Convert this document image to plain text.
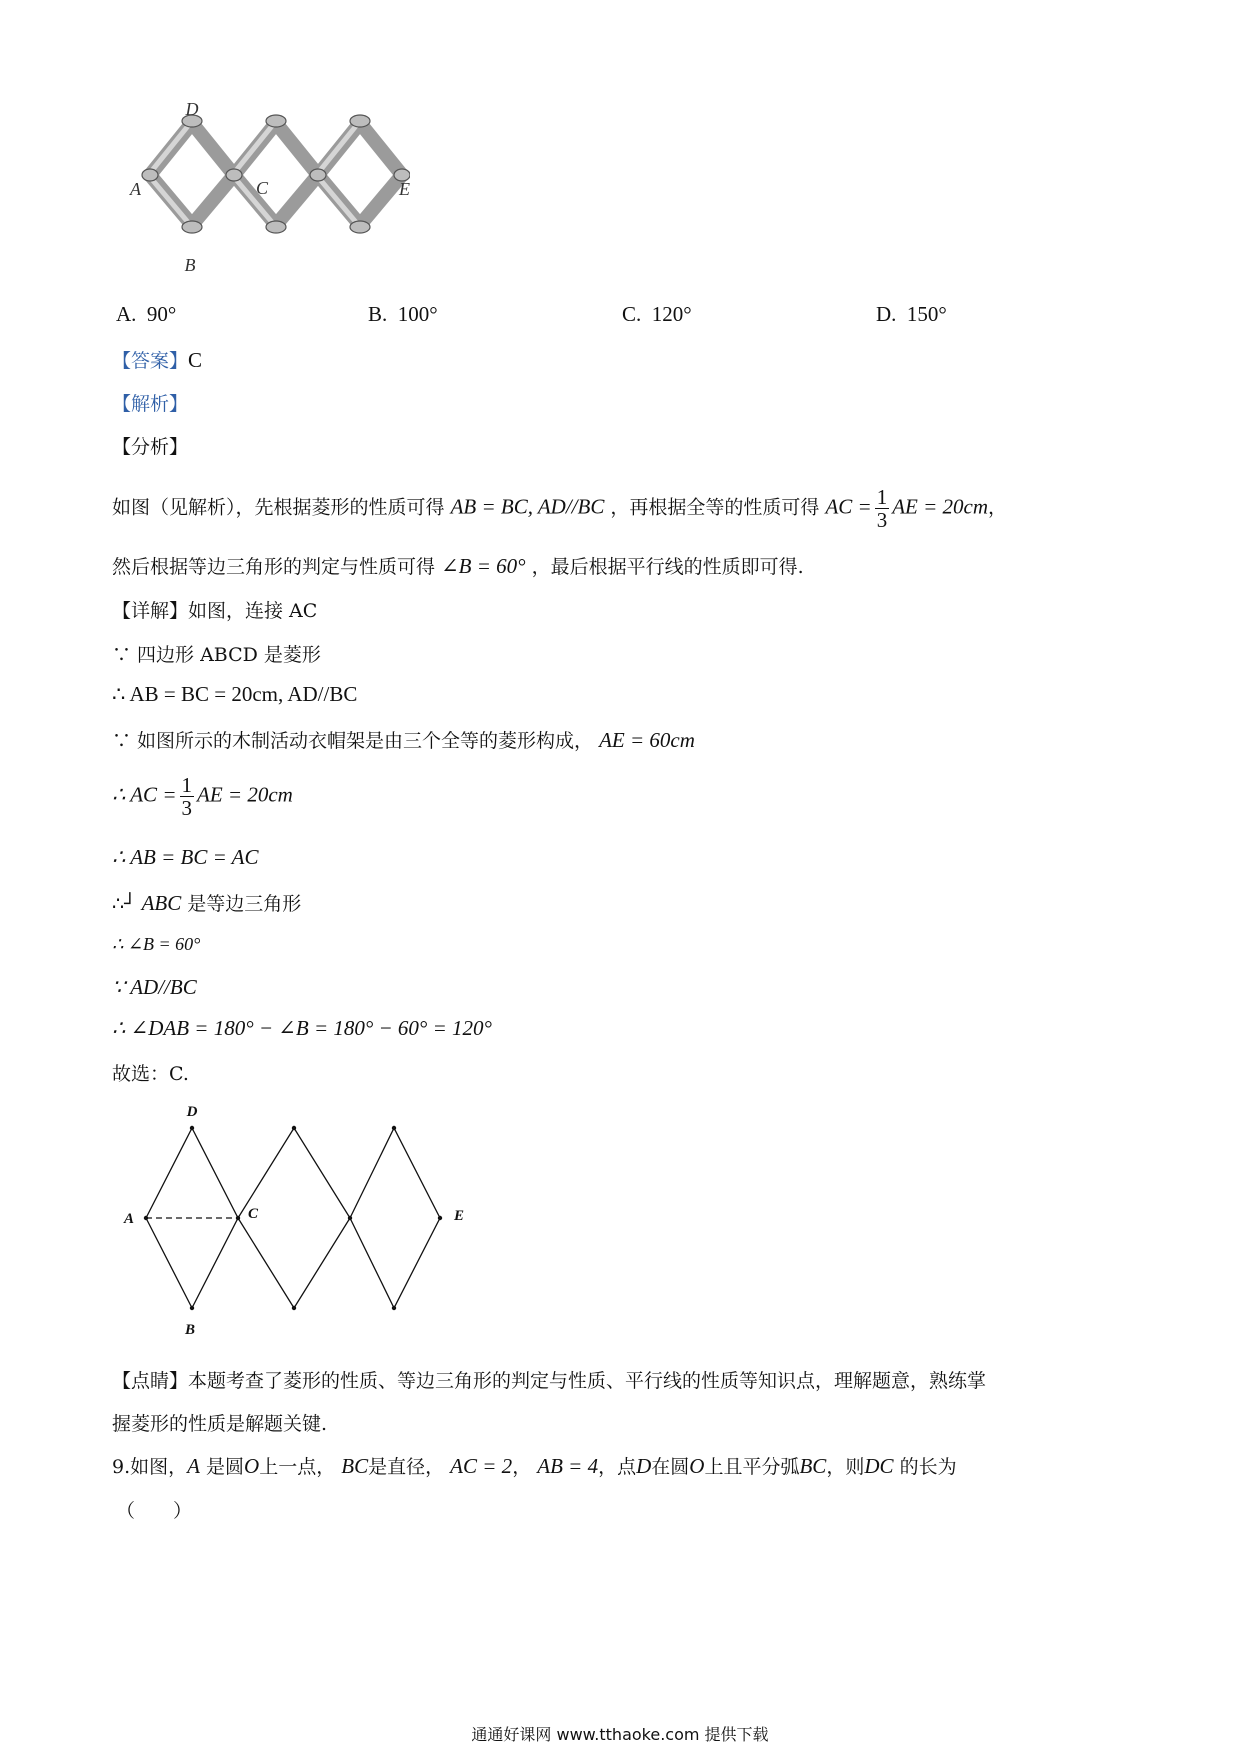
D
A	C	E
B
A. 90°	B. 100°	C. 120°	D. 150°
【答案】C
【解析】
【分析】
如图（见解析），先根据菱形的性质可得 AB = BC, AD//BC ，再根据全等的性质可得 AC = $\frac{1}{3}$ AE = 20cm，
然后根据等边三角形的判定与性质可得 ∠B = 60° ，最后根据平行线的性质即可得.
【详解】如图，连接 AC
∵ 四边形 ABCD 是菱形
∴ AB = BC = 20cm, AD//BC
∵ 如图所示的木制活动衣帽架是由三个全等的菱形构成， AE = 60cm
∴ AC = $\frac{1}{3}$ AE = 20cm
∴ AB = BC = AC
∴┘ ABC 是等边三角形
∴ ∠B = 60°
∵ AD//BC
∴ ∠DAB = 180° − ∠B = 180° − 60° = 120°
故选：C.
D
A	C	E
B
【点睛】本题考查了菱形的性质、等边三角形的判定与性质、平行线的性质等知识点，理解题意，熟练掌
握菱形的性质是解题关键.
9.如图，A 是圆O上一点， BC是直径， AC = 2， AB = 4，点D在圆O上且平分弧BC，则DC 的长为
（　　）
通通好课网 www.tthaoke.com 提供下载
